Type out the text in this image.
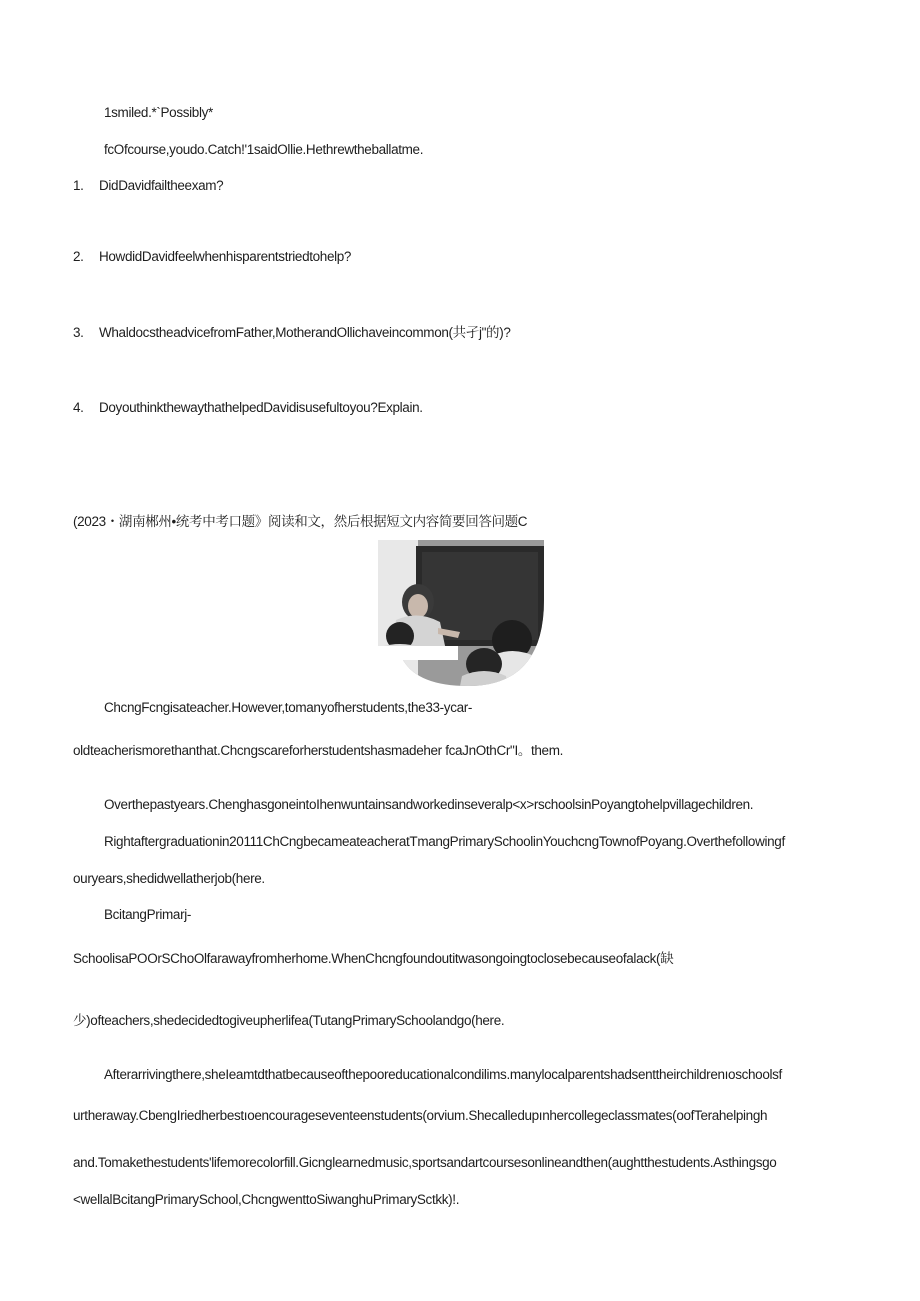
1smiled.*`Possibly*
fcOfcourse,youdo.Catch!'1saidOllie.Hethrewtheballatme.
1. DidDavidfailtheexam?
2. HowdidDavidfeelwhenhisparentstriedtohelp?
3. WhaldocstheadvicefromFather,MotherandOllichaveincommon(共孑j"的)?
4. DoyouthinkthewaythathelpedDavidisusefultoyou?Explain.
(2023・湖南郴州•统考中考口题》阅读和文，然后根据短文内容简要回答问题C
ChcngFcngisateacher.However,tomanyofherstudents,the33-ycar-
oldteacherismorethanthat.Chcngscareforherstudentshasmadeher fcaJnOthCr"I。them.
Overthepastyears.ChenghasgoneintoIhenwuntainsandworkedinseveralp<x>rschoolsinPoyangtohelpvillagechildren.
Rightaftergraduationin20111ChCngbecameateacheratTmangPrimarySchoolinYouchcngTownofPoyang.Overthefollowingf
ouryears,shedidwellatherjob(here.
BcitangPrimarj-
SchoolisaPOOrSChoOlfarawayfromherhome.WhenChcngfoundoutitwasongoingtoclosebecauseofalack(缺
少)ofteachers,shedecidedtogiveupherlifea(TutangPrimarySchoolandgo(here.
Afterarrivingthere,sheIeamtdthatbecauseofthepooreducationalcondilims.manylocalparentshadsenttheirchildrenıoschoolsf
urtheraway.CbengIriedherbestıoencourageseventeenstudents(orvium.Shecalledupınhercollegeclassmates(oofTerahelpingh
and.Tomakethestudents'lifemorecolorfill.Gicnglearnedmusic,sportsandartcoursesonlineandthen(aughtthestudents.Asthingsgo
<wellalBcitangPrimarySchool,ChcngwenttoSiwanghuPrimarySctkk)!.
